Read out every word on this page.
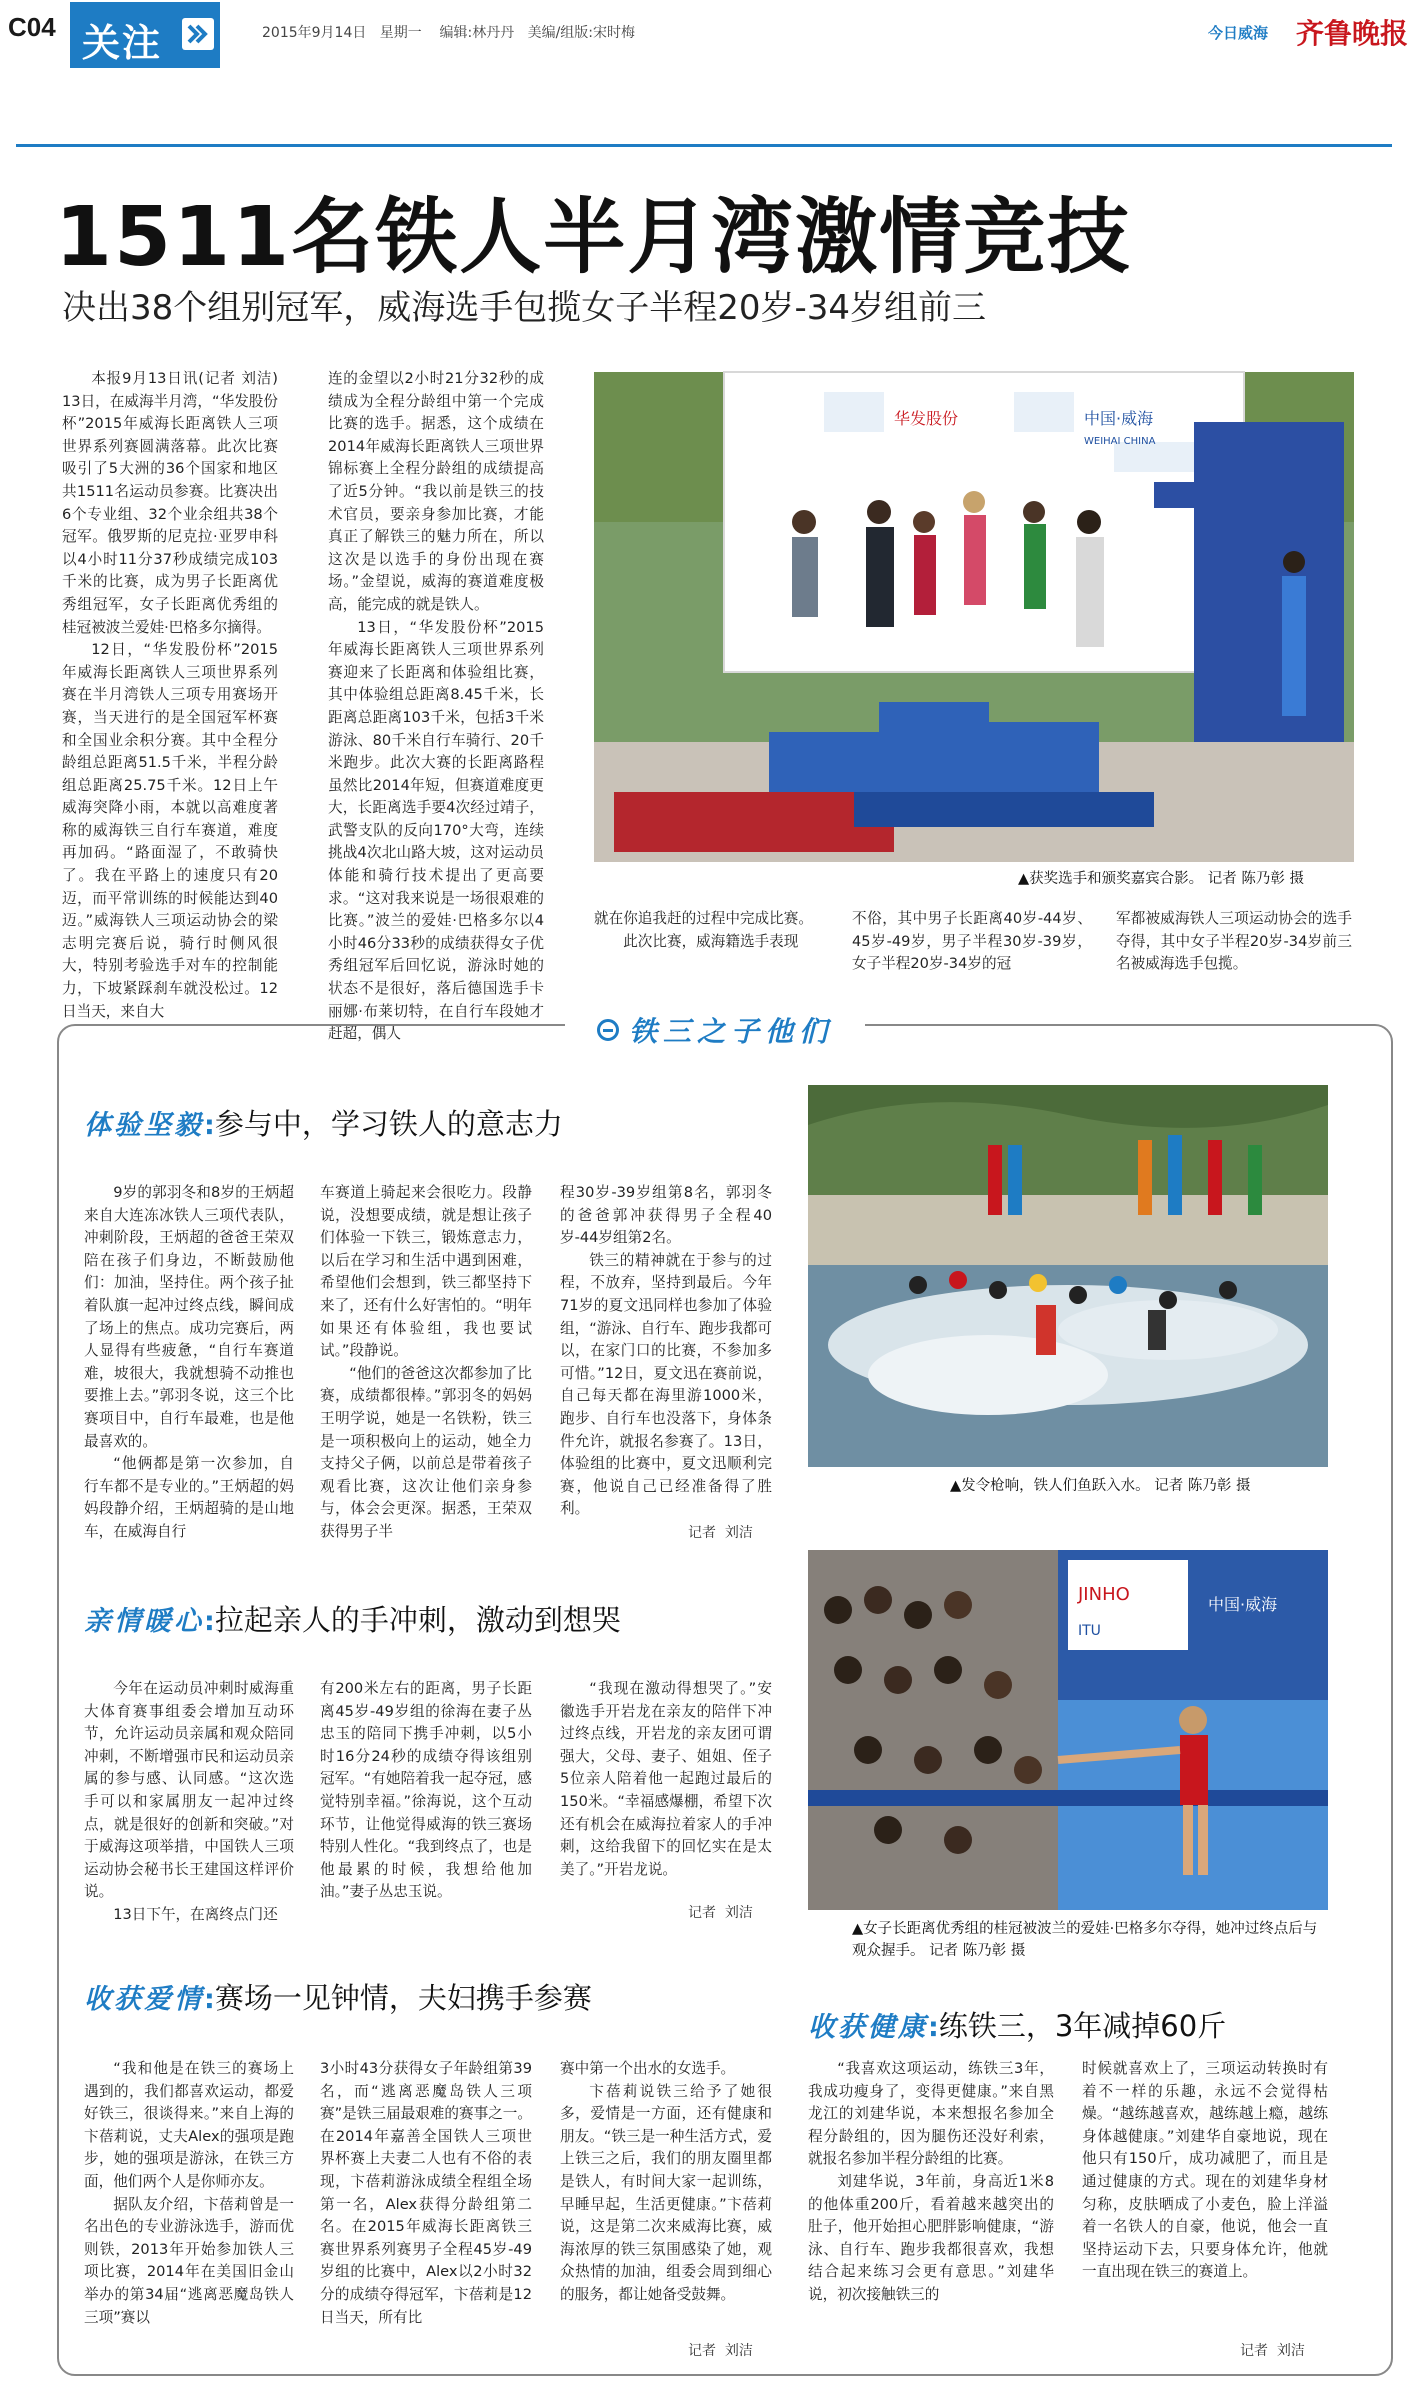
C04 关注	2015年9月14日   星期一    编辑:林丹丹   美编/组版:宋时梅	今日威海 齐鲁晚报
1511名铁人半月湾激情竞技
决出38个组别冠军，威海选手包揽女子半程20岁-34岁组前三

本报9月13日讯(记者 刘洁) 13日，在威海半月湾，“华发股份杯”2015年威海长距离铁人三项世界系列赛圆满落幕。此次比赛吸引了5大洲的36个国家和地区共1511名运动员参赛。比赛决出6个专业组、32个业余组共38个冠军。俄罗斯的尼克拉·亚罗申科以4小时11分37秒成绩完成103千米的比赛，成为男子长距离优秀组冠军，女子长距离优秀组的桂冠被波兰爱娃·巴格多尔摘得。

12日，“华发股份杯”2015年威海长距离铁人三项世界系列赛在半月湾铁人三项专用赛场开赛，当天进行的是全国冠军杯赛和全国业余积分赛。其中全程分龄组总距离51.5千米，半程分龄组总距离25.75千米。12日上午威海突降小雨，本就以高难度著称的威海铁三自行车赛道，难度再加码。“路面湿了，不敢骑快了。我在平路上的速度只有20迈，而平常训练的时候能达到40迈。”威海铁人三项运动协会的梁志明完赛后说，骑行时侧风很大，特别考验选手对车的控制能力，下坡紧踩刹车就没松过。12日当天，来自大

连的金望以2小时21分32秒的成绩成为全程分龄组中第一个完成比赛的选手。据悉，这个成绩在2014年威海长距离铁人三项世界锦标赛上全程分龄组的成绩提高了近5分钟。“我以前是铁三的技术官员，要亲身参加比赛，才能真正了解铁三的魅力所在，所以这次是以选手的身份出现在赛场。”金望说，威海的赛道难度极高，能完成的就是铁人。

13日，“华发股份杯”2015年威海长距离铁人三项世界系列赛迎来了长距离和体验组比赛，其中体验组总距离8.45千米，长距离总距离103千米，包括3千米游泳、80千米自行车骑行、20千米跑步。此次大赛的长距离路程虽然比2014年短，但赛道难度更大，长距离选手要4次经过靖子，武警支队的反向170°大弯，连续挑战4次北山路大坡，这对运动员体能和骑行技术提出了更高要求。“这对我来说是一场很艰难的比赛。”波兰的爱娃·巴格多尔以4小时46分33秒的成绩获得女子优秀组冠军后回忆说，游泳时她的状态不是很好，落后德国选手卡丽娜·布莱切特，在自行车段她才赶超，偶人

就在你追我赶的过程中完成比赛。

此次比赛，威海籍选手表现

不俗，其中男子长距离40岁-44岁、45岁-49岁，男子半程30岁-39岁，女子半程20岁-34岁的冠

军都被威海铁人三项运动协会的选手夺得，其中女子半程20岁-34岁前三名被威海选手包揽。

华发股份	中国·威海
WEIHAI CHINA
▲获奖选手和颁奖嘉宾合影。 记者 陈乃彰 摄
铁三之子他们
体验坚毅:参与中，学习铁人的意志力

9岁的郭羽冬和8岁的王炳超来自大连冻冰铁人三项代表队，冲刺阶段，王炳超的爸爸王荣双陪在孩子们身边，不断鼓励他们：加油，坚持住。两个孩子扯着队旗一起冲过终点线，瞬间成了场上的焦点。成功完赛后，两人显得有些疲惫，“自行车赛道难，坡很大，我就想骑不动推也要推上去。”郭羽冬说，这三个比赛项目中，自行车最难，也是他最喜欢的。

“他俩都是第一次参加，自行车都不是专业的。”王炳超的妈妈段静介绍，王炳超骑的是山地车，在威海自行

车赛道上骑起来会很吃力。段静说，没想要成绩，就是想让孩子们体验一下铁三，锻炼意志力，以后在学习和生活中遇到困难，希望他们会想到，铁三都坚持下来了，还有什么好害怕的。“明年如果还有体验组，我也要试试。”段静说。

“他们的爸爸这次都参加了比赛，成绩都很棒。”郭羽冬的妈妈王明学说，她是一名铁粉，铁三是一项积极向上的运动，她全力支持父子俩，以前总是带着孩子观看比赛，这次让他们亲身参与，体会会更深。据悉，王荣双获得男子半

程30岁-39岁组第8名，郭羽冬的爸爸郭冲获得男子全程40岁-44岁组第2名。

铁三的精神就在于参与的过程，不放弃，坚持到最后。今年71岁的夏文迅同样也参加了体验组，“游泳、自行车、跑步我都可以，在家门口的比赛，不参加多可惜。”12日，夏文迅在赛前说，自己每天都在海里游1000米，跑步、自行车也没落下，身体条件允许，就报名参赛了。13日，体验组的比赛中，夏文迅顺利完赛，他说自己已经准备得了胜利。

记者  刘洁
▲发令枪响，铁人们鱼跃入水。 记者 陈乃彰 摄
亲情暖心:拉起亲人的手冲刺，激动到想哭

今年在运动员冲刺时威海重大体育赛事组委会增加互动环节，允许运动员亲属和观众陪同冲刺，不断增强市民和运动员亲属的参与感、认同感。“这次选手可以和家属朋友一起冲过终点，就是很好的创新和突破。”对于威海这项举措，中国铁人三项运动协会秘书长王建国这样评价说。

13日下午，在离终点门还

有200米左右的距离，男子长距离45岁-49岁组的徐海在妻子丛忠玉的陪同下携手冲刺，以5小时16分24秒的成绩夺得该组别冠军。“有她陪着我一起夺冠，感觉特别幸福。”徐海说，这个互动环节，让他觉得威海的铁三赛场特别人性化。“我到终点了，也是他最累的时候，我想给他加油。”妻子丛忠玉说。

“我现在激动得想哭了。”安徽选手开岩龙在亲友的陪伴下冲过终点线，开岩龙的亲友团可谓强大，父母、妻子、姐姐、侄子5位亲人陪着他一起跑过最后的150米。“幸福感爆棚，希望下次还有机会在威海拉着家人的手冲刺，这给我留下的回忆实在是太美了。”开岩龙说。

记者  刘洁
JINHO
ITU
中国·威海
▲女子长距离优秀组的桂冠被波兰的爱娃·巴格多尔夺得，她冲过终点后与观众握手。 记者 陈乃彰 摄
收获爱情:赛场一见钟情，夫妇携手参赛

“我和他是在铁三的赛场上遇到的，我们都喜欢运动，都爱好铁三，很谈得来。”来自上海的卞蓓莉说，丈夫Alex的强项是跑步，她的强项是游泳，在铁三方面，他们两个人是你师亦友。

据队友介绍，卞蓓莉曾是一名出色的专业游泳选手，游而优则铁，2013年开始参加铁人三项比赛，2014年在美国旧金山举办的第34届“逃离恶魔岛铁人三项”赛以

3小时43分获得女子年龄组第39名，而“逃离恶魔岛铁人三项赛”是铁三届最艰难的赛事之一。在2014年嘉善全国铁人三项世界杯赛上夫妻二人也有不俗的表现，卞蓓莉游泳成绩全程组全场第一名，Alex获得分龄组第二名。在2015年威海长距离铁三赛世界系列赛男子全程45岁-49岁组的比赛中，Alex以2小时32分的成绩夺得冠军，卞蓓莉是12日当天，所有比

赛中第一个出水的女选手。

卞蓓莉说铁三给予了她很多，爱情是一方面，还有健康和朋友。“铁三是一种生活方式，爱上铁三之后，我们的朋友圈里都是铁人，有时间大家一起训练，早睡早起，生活更健康。”卞蓓莉说，这是第二次来威海比赛，威海浓厚的铁三氛围感染了她，观众热情的加油，组委会周到细心的服务，都让她备受鼓舞。

记者  刘洁
收获健康:练铁三，3年减掉60斤

“我喜欢这项运动，练铁三3年，我成功瘦身了，变得更健康。”来自黑龙江的刘建华说，本来想报名参加全程分龄组的，因为腿伤还没好利索，就报名参加半程分龄组的比赛。

刘建华说，3年前，身高近1米8的他体重200斤，看着越来越突出的肚子，他开始担心肥胖影响健康，“游泳、自行车、跑步我都很喜欢，我想结合起来练习会更有意思。”刘建华说，初次接触铁三的

时候就喜欢上了，三项运动转换时有着不一样的乐趣，永远不会觉得枯燥。“越练越喜欢，越练越上瘾，越练身体越健康。”刘建华自豪地说，现在他只有150斤，成功减肥了，而且是通过健康的方式。现在的刘建华身材匀称，皮肤晒成了小麦色，脸上洋溢着一名铁人的自豪，他说，他会一直坚持运动下去，只要身体允许，他就一直出现在铁三的赛道上。

记者  刘洁
